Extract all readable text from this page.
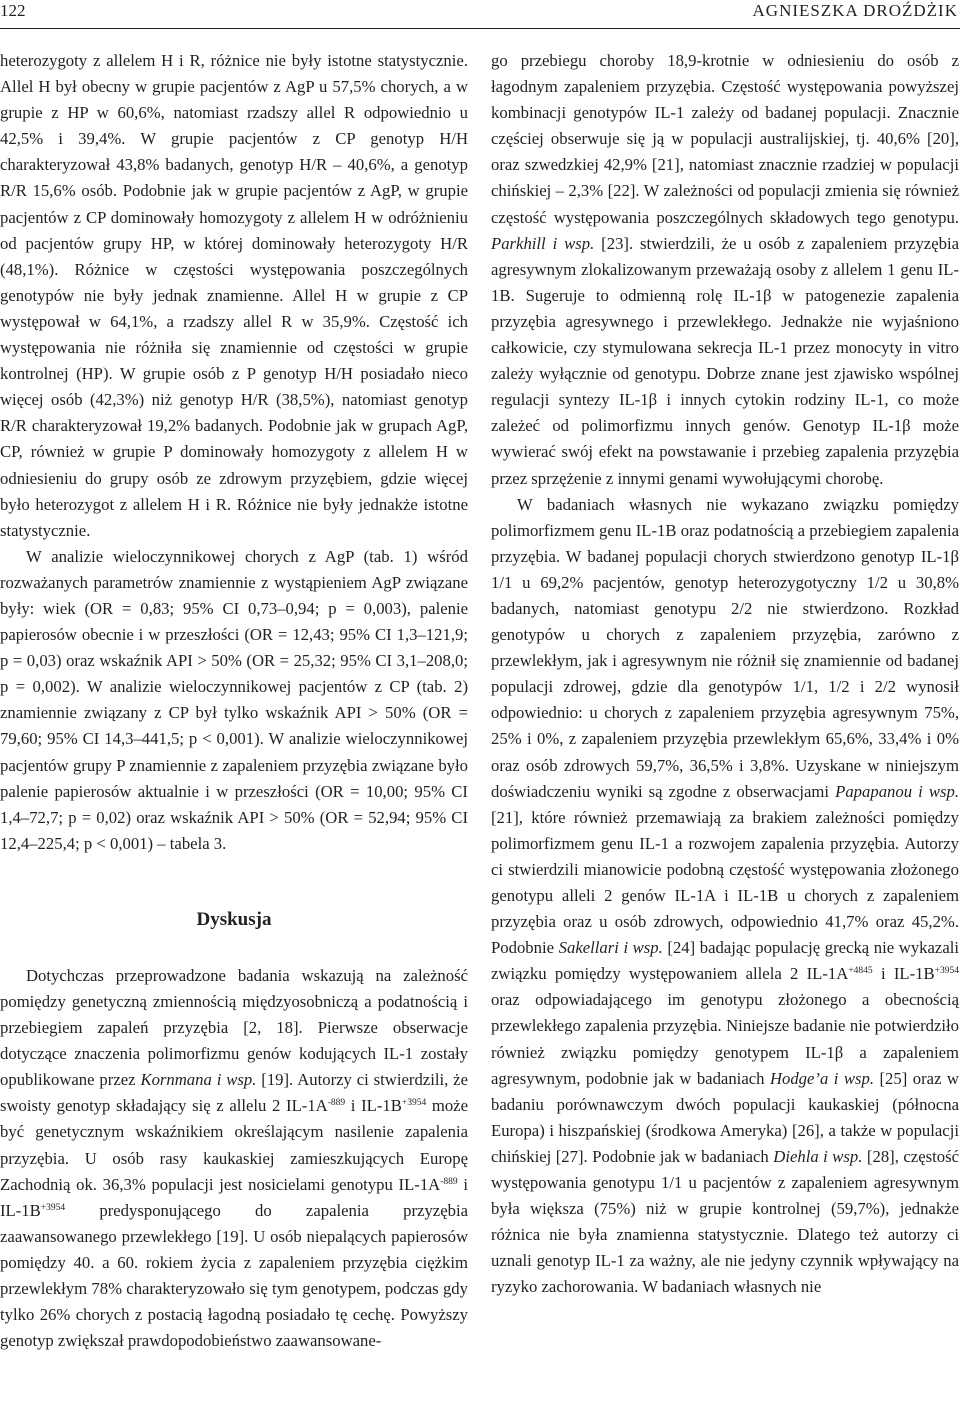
122	AGNIESZKA DROŹDŻIK

heterozygoty z allelem H i R, różnice nie były istotne statystycznie. Allel H był obecny w grupie pacjentów z AgP u 57,5% chorych, a w grupie z HP w 60,6%, natomiast rzadszy allel R odpowiednio u 42,5% i 39,4%. W grupie pacjentów z CP genotyp H/H charakteryzował 43,8% badanych, genotyp H/R – 40,6%, a genotyp R/R 15,6% osób. Podobnie jak w grupie pacjentów z AgP, w grupie pacjentów z CP dominowały homozygoty z allelem H w odróżnieniu od pacjentów grupy HP, w której dominowały heterozygoty H/R (48,1%). Różnice w częstości występowania poszczególnych genotypów nie były jednak znamienne. Allel H w grupie z CP występował w 64,1%, a rzadszy allel R w 35,9%. Częstość ich występowania nie różniła się znamiennie od częstości w grupie kontrolnej (HP). W grupie osób z P genotyp H/H posiadało nieco więcej osób (42,3%) niż genotyp H/R (38,5%), natomiast genotyp R/R charakteryzował 19,2% badanych. Podobnie jak w grupach AgP, CP, również w grupie P dominowały homozygoty z allelem H w odniesieniu do grupy osób ze zdrowym przyzębiem, gdzie więcej było heterozygot z allelem H i R. Różnice nie były jednakże istotne statystycznie.

W analizie wieloczynnikowej chorych z AgP (tab. 1) wśród rozważanych parametrów znamiennie z wystąpieniem AgP związane były: wiek (OR = 0,83; 95% CI 0,73–0,94; p = 0,003), palenie papierosów obecnie i w przeszłości (OR = 12,43; 95% CI 1,3–121,9; p = 0,03) oraz wskaźnik API > 50% (OR = 25,32; 95% CI 3,1–208,0; p = 0,002). W analizie wieloczynnikowej pacjentów z CP (tab. 2) znamiennie związany z CP był tylko wskaźnik API > 50% (OR = 79,60; 95% CI 14,3–441,5; p < 0,001). W analizie wieloczynnikowej pacjentów grupy P znamiennie z zapaleniem przyzębia związane było palenie papierosów aktualnie i w przeszłości (OR = 10,00; 95% CI 1,4–72,7; p = 0,02) oraz wskaźnik API > 50% (OR = 52,94; 95% CI 12,4–225,4; p < 0,001) – tabela 3.

Dyskusja

Dotychczas przeprowadzone badania wskazują na zależność pomiędzy genetyczną zmiennością międzyosobniczą a podatnością i przebiegiem zapaleń przyzębia [2, 18]. Pierwsze obserwacje dotyczące znaczenia polimorfizmu genów kodujących IL-1 zostały opublikowane przez Kornmana i wsp. [19]. Autorzy ci stwierdzili, że swoisty genotyp składający się z allelu 2 $IL-1A^{-889}$ i $IL-1B^{+3954}$ może być genetycznym wskaźnikiem określającym nasilenie zapalenia przyzębia. U osób rasy kaukaskiej zamieszkujących Europę Zachodnią ok. 36,3% populacji jest nosicielami genotypu $IL-1A^{-889}$ i $IL-1B^{+3954}$ predysponującego do zapalenia przyzębia zaawansowanego przewlekłego [19]. U osób niepalących papierosów pomiędzy 40. a 60. rokiem życia z zapaleniem przyzębia ciężkim przewlekłym 78% charakteryzowało się tym genotypem, podczas gdy tylko 26% chorych z postacią łagodną posiadało tę cechę. Powyższy genotyp zwiększał prawdopodobieństwo zaawansowane-

go przebiegu choroby 18,9-krotnie w odniesieniu do osób z łagodnym zapaleniem przyzębia. Częstość występowania powyższej kombinacji genotypów IL-1 zależy od badanej populacji. Znacznie częściej obserwuje się ją w populacji australijskiej, tj. 40,6% [20], oraz szwedzkiej 42,9% [21], natomiast znacznie rzadziej w populacji chińskiej – 2,3% [22]. W zależności od populacji zmienia się również częstość występowania poszczególnych składowych tego genotypu. Parkhill i wsp. [23]. stwierdzili, że u osób z zapaleniem przyzębia agresywnym zlokalizowanym przeważają osoby z allelem 1 genu IL-1B. Sugeruje to odmienną rolę IL-1β w patogenezie zapalenia przyzębia agresywnego i przewlekłego. Jednakże nie wyjaśniono całkowicie, czy stymulowana sekrecja IL-1 przez monocyty in vitro zależy wyłącznie od genotypu. Dobrze znane jest zjawisko wspólnej regulacji syntezy IL-1β i innych cytokin rodziny IL-1, co może zależeć od polimorfizmu innych genów. Genotyp IL-1β może wywierać swój efekt na powstawanie i przebieg zapalenia przyzębia przez sprzężenie z innymi genami wywołującymi chorobę.

W badaniach własnych nie wykazano związku pomiędzy polimorfizmem genu IL-1B oraz podatnością a przebiegiem zapalenia przyzębia. W badanej populacji chorych stwierdzono genotyp IL-1β 1/1 u 69,2% pacjentów, genotyp heterozygotyczny 1/2 u 30,8% badanych, natomiast genotypu 2/2 nie stwierdzono. Rozkład genotypów u chorych z zapaleniem przyzębia, zarówno z przewlekłym, jak i agresywnym nie różnił się znamiennie od badanej populacji zdrowej, gdzie dla genotypów 1/1, 1/2 i 2/2 wynosił odpowiednio: u chorych z zapaleniem przyzębia agresywnym 75%, 25% i 0%, z zapaleniem przyzębia przewlekłym 65,6%, 33,4% i 0% oraz osób zdrowych 59,7%, 36,5% i 3,8%. Uzyskane w niniejszym doświadczeniu wyniki są zgodne z obserwacjami Papapanou i wsp. [21], które również przemawiają za brakiem zależności pomiędzy polimorfizmem genu IL-1 a rozwojem zapalenia przyzębia. Autorzy ci stwierdzili mianowicie podobną częstość występowania złożonego genotypu alleli 2 genów IL-1A i IL-1B u chorych z zapaleniem przyzębia oraz u osób zdrowych, odpowiednio 41,7% oraz 45,2%. Podobnie Sakellari i wsp. [24] badając populację grecką nie wykazali związku pomiędzy występowaniem allela 2 $IL-1A^{+4845}$ i $IL-1B^{+3954}$ oraz odpowiadającego im genotypu złożonego a obecnością przewlekłego zapalenia przyzębia. Niniejsze badanie nie potwierdziło również związku pomiędzy genotypem IL-1β a zapaleniem agresywnym, podobnie jak w badaniach Hodge’a i wsp. [25] oraz w badaniu porównawczym dwóch populacji kaukaskiej (północna Europa) i hiszpańskiej (środkowa Ameryka) [26], a także w populacji chińskiej [27]. Podobnie jak w badaniach Diehla i wsp. [28], częstość występowania genotypu 1/1 u pacjentów z zapaleniem agresywnym była większa (75%) niż w grupie kontrolnej (59,7%), jednakże różnica nie była znamienna statystycznie. Dlatego też autorzy ci uznali genotyp IL-1 za ważny, ale nie jedyny czynnik wpływający na ryzyko zachorowania. W badaniach własnych nie
